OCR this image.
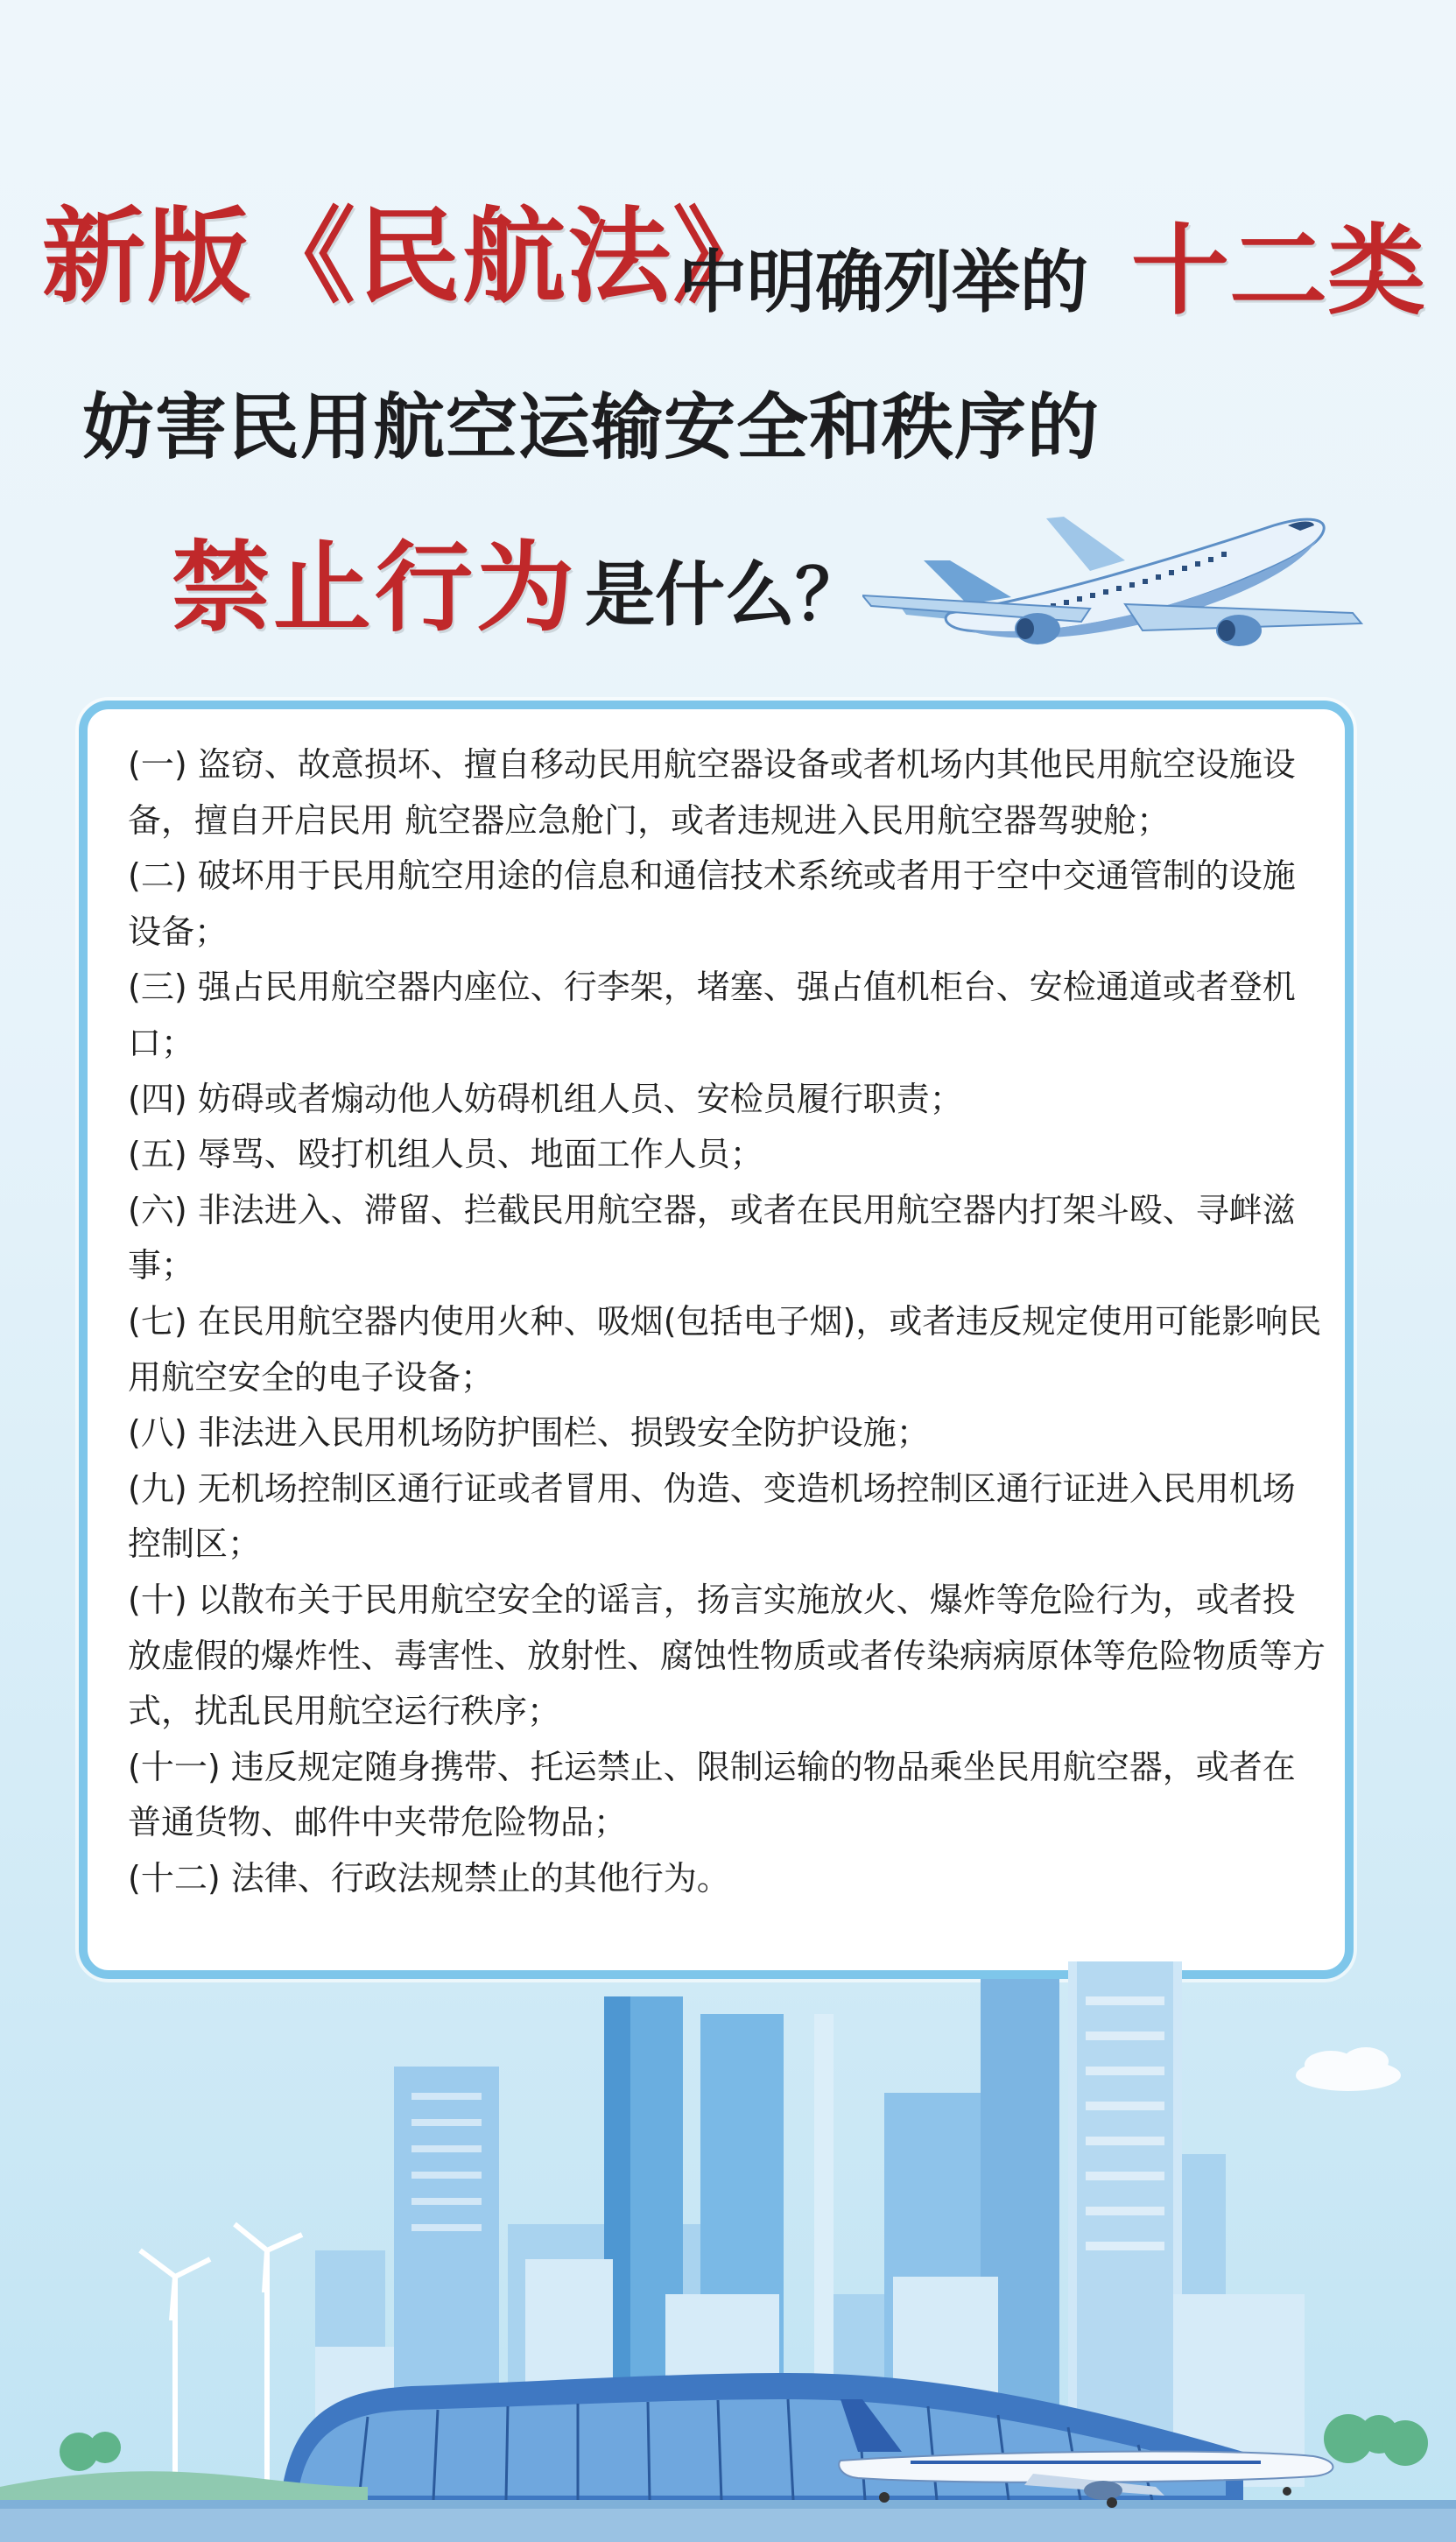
新版《民航法》
中明确列举的 十二类
妨害民用航空运输安全和秩序的
禁止行为 是什么？
(一) 盗窃、故意损坏、擅自移动民用航空器设备或者机场内其他民用航空设施设备，擅自开启民用 航空器应急舱门，或者违规进入民用航空器驾驶舱；
(二) 破坏用于民用航空用途的信息和通信技术系统或者用于空中交通管制的设施设备；
(三) 强占民用航空器内座位、行李架，堵塞、强占值机柜台、安检通道或者登机口；
(四) 妨碍或者煽动他人妨碍机组人员、安检员履行职责；
(五) 辱骂、殴打机组人员、地面工作人员；
(六) 非法进入、滞留、拦截民用航空器，或者在民用航空器内打架斗殴、寻衅滋事；
(七) 在民用航空器内使用火种、吸烟(包括电子烟)，或者违反规定使用可能影响民用航空安全的电子设备；
(八) 非法进入民用机场防护围栏、损毁安全防护设施；
(九) 无机场控制区通行证或者冒用、伪造、变造机场控制区通行证进入民用机场控制区；
(十) 以散布关于民用航空安全的谣言，扬言实施放火、爆炸等危险行为，或者投放虚假的爆炸性、毒害性、放射性、腐蚀性物质或者传染病病原体等危险物质等方式，扰乱民用航空运行秩序；
(十一) 违反规定随身携带、托运禁止、限制运输的物品乘坐民用航空器，或者在普通货物、邮件中夹带危险物品；
(十二) 法律、行政法规禁止的其他行为。
